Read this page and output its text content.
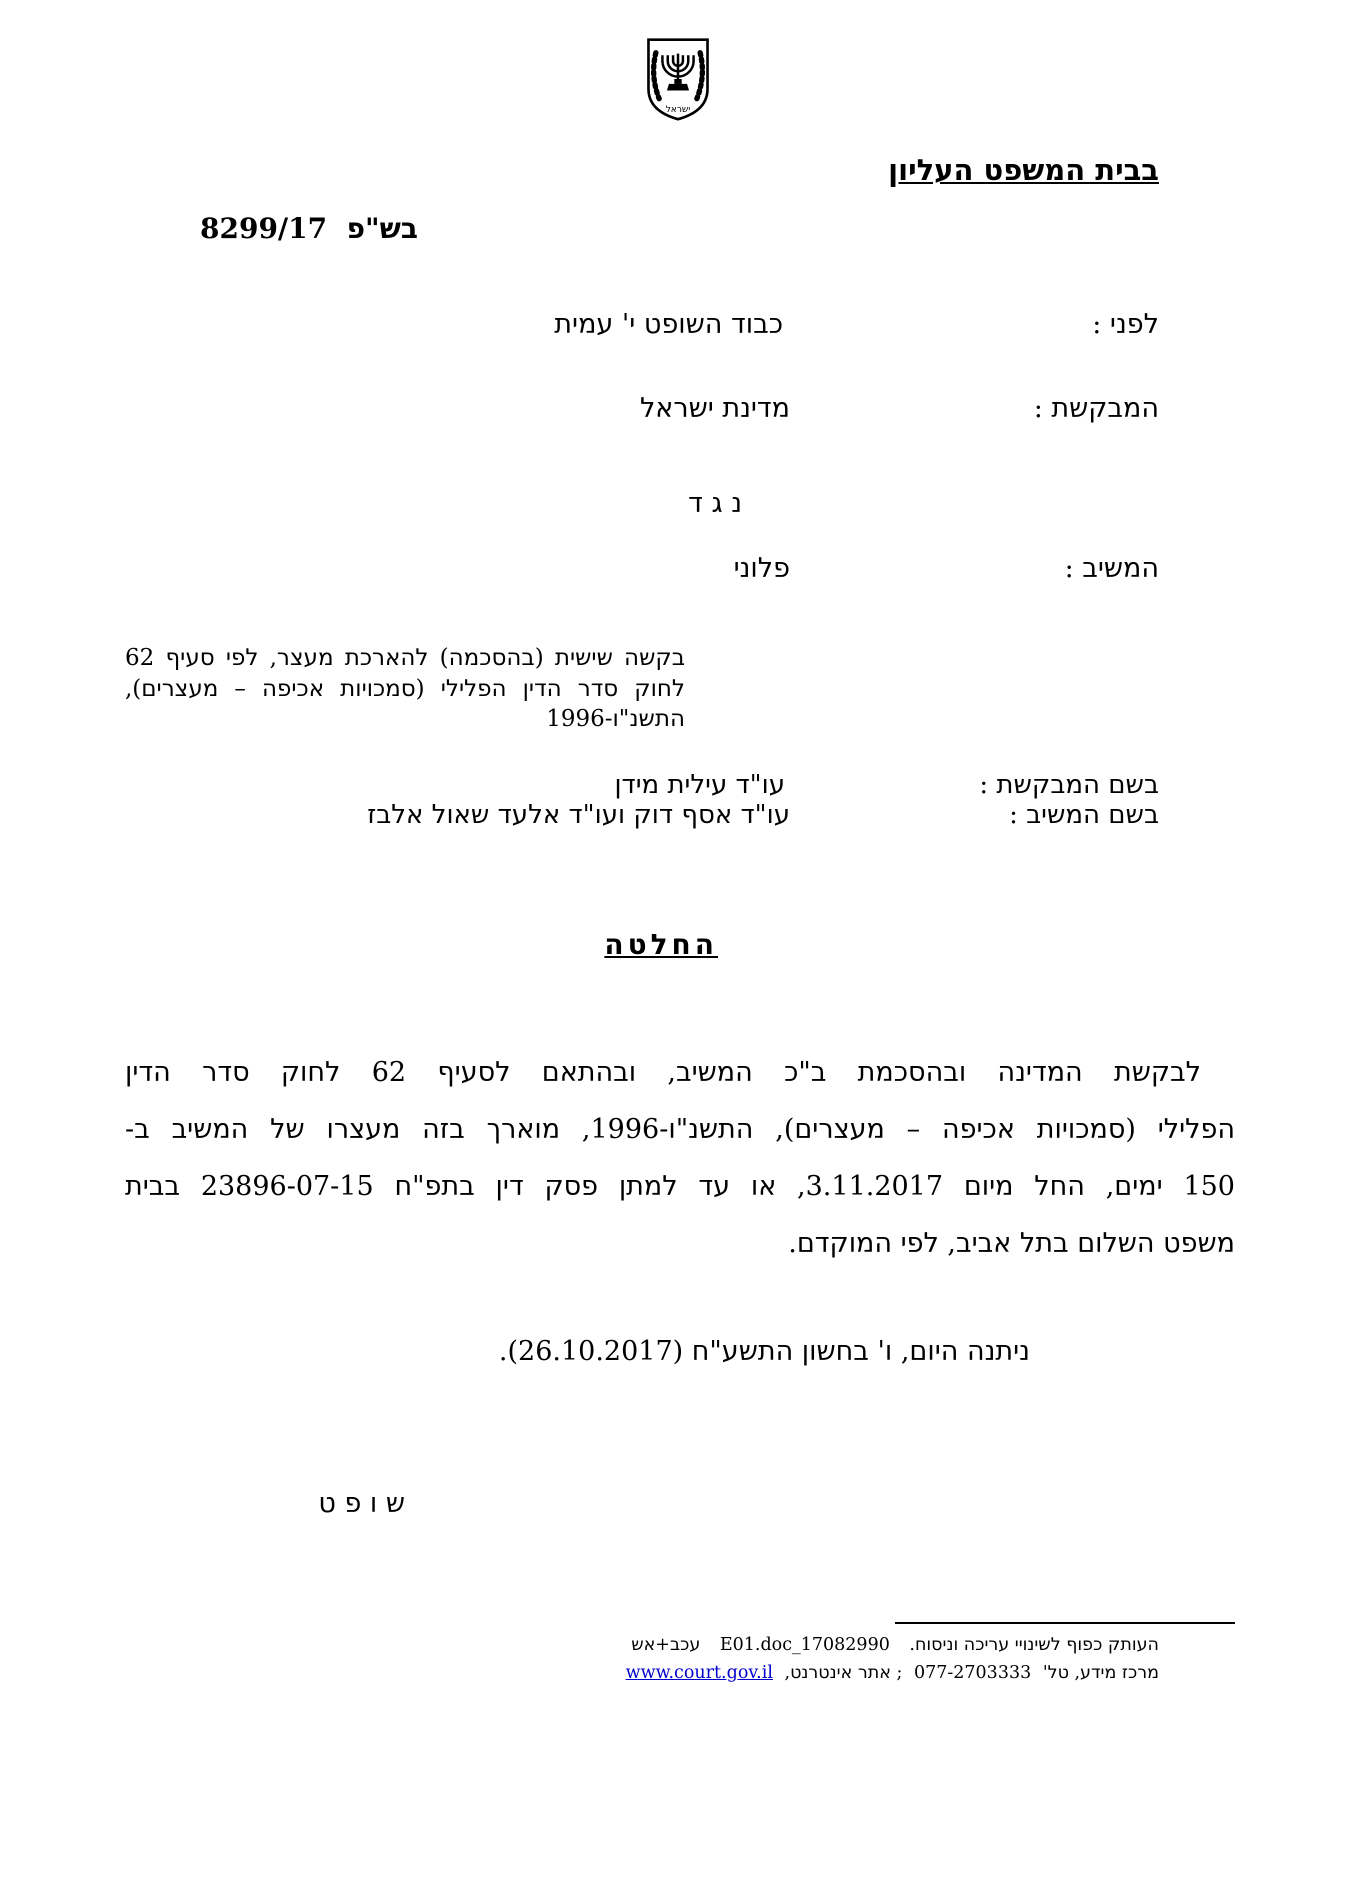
ישראל
בבית המשפט העליון
בש"פ  8299/17
לפני :
כבוד השופט י' עמית
המבקשת :
מדינת ישראל
נ ג ד
המשיב :
פלוני
בקשה שישית (בהסכמה) להארכת מעצר, לפי סעיף 62
לחוק סדר הדין הפלילי (סמכויות אכיפה – מעצרים),
התשנ"ו-1996
בשם המבקשת :
עו"ד עילית מידן
בשם המשיב :
עו"ד אסף דוק ועו"ד אלעד שאול אלבז
החלטה
לבקשת המדינה ובהסכמת ב"כ המשיב, ובהתאם לסעיף 62 לחוק סדר הדין
הפלילי (סמכויות אכיפה – מעצרים), התשנ"ו-1996, מוארך בזה מעצרו של המשיב ב-
150 ימים, החל מיום 3.11.2017, או עד למתן פסק דין בתפ"ח 23896-07-15 בבית
משפט השלום בתל אביב, לפי המוקדם.
ניתנה היום, ו' בחשון התשע"ח (26.10.2017).
ש ו פ ט
העותק כפוף לשינויי עריכה וניסוח. 17082990_E01.doc עכב+אש
מרכז מידע, טל' 077-2703333 ; אתר אינטרנט, www.court.gov.il
